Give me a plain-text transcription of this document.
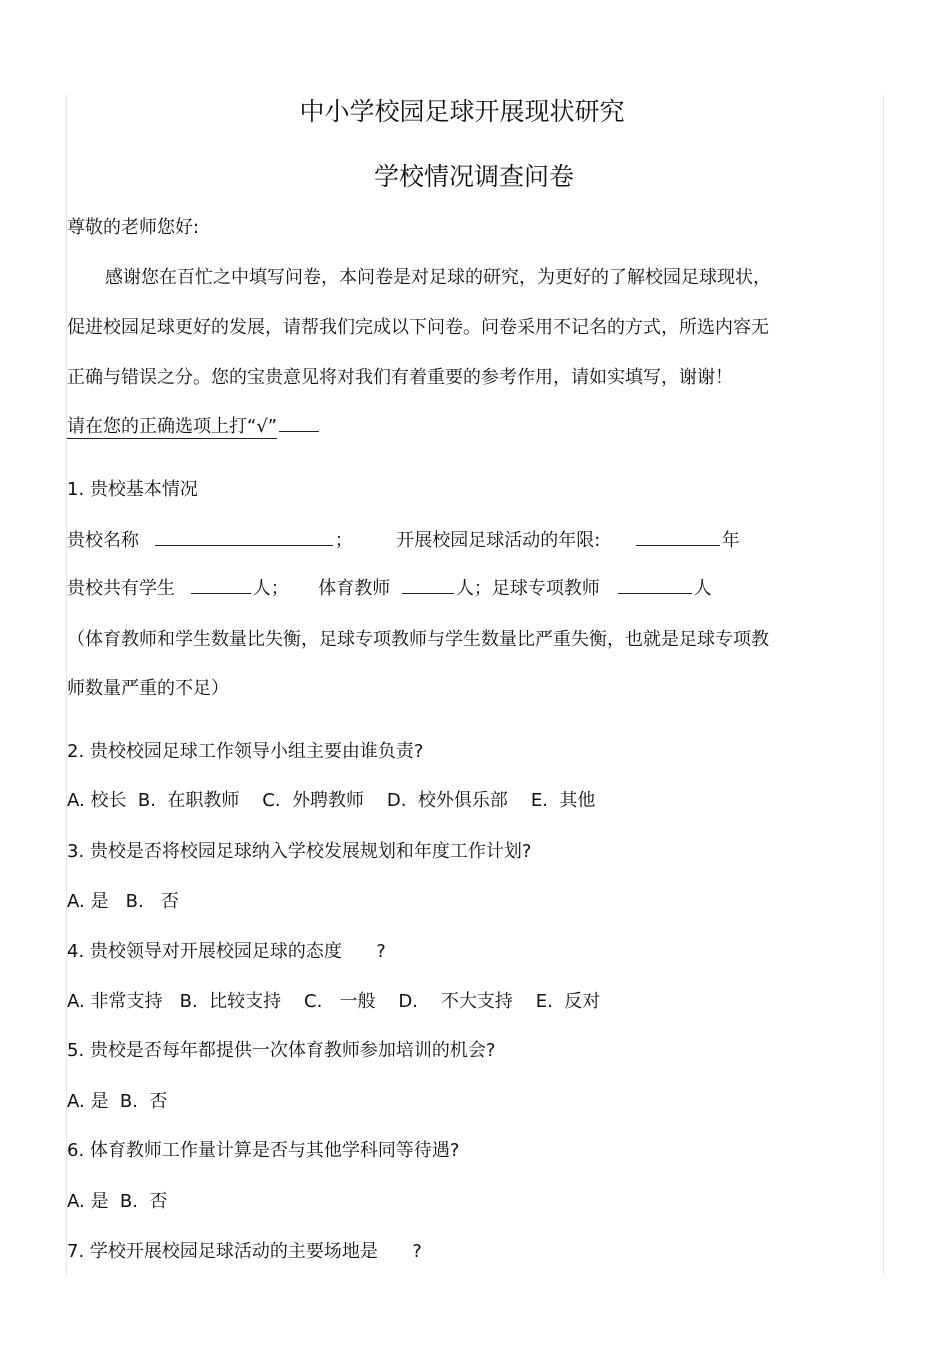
中小学校园足球开展现状研究
学校情况调查问卷
尊敬的老师您好:
感谢您在百忙之中填写问卷，本问卷是对足球的研究，为更好的了解校园足球现状，
促进校园足球更好的发展，请帮我们完成以下问卷。问卷采用不记名的方式，所选内容无
正确与错误之分。您的宝贵意见将对我们有着重要的参考作用，请如实填写，谢谢！
请在您的正确选项上打“√”
1. 贵校基本情况
贵校名称	； 开展校园足球活动的年限:	年
贵校共有学生	人； 体育教师	人；足球专项教师	人
（体育教师和学生数量比失衡，足球专项教师与学生数量比严重失衡，也就是足球专项教
师数量严重的不足）
2. 贵校校园足球工作领导小组主要由谁负责?
A. 校长  B.  在职教师    C.  外聘教师    D.  校外俱乐部    E.  其他
3. 贵校是否将校园足球纳入学校发展规划和年度工作计划?
A. 是   B.   否
4. 贵校领导对开展校园足球的态度      ?
A. 非常支持   B.  比较支持    C.   一般    D.    不大支持    E.  反对
5. 贵校是否每年都提供一次体育教师参加培训的机会?
A. 是  B.  否
6. 体育教师工作量计算是否与其他学科同等待遇?
A. 是  B.  否
7. 学校开展校园足球活动的主要场地是      ?
